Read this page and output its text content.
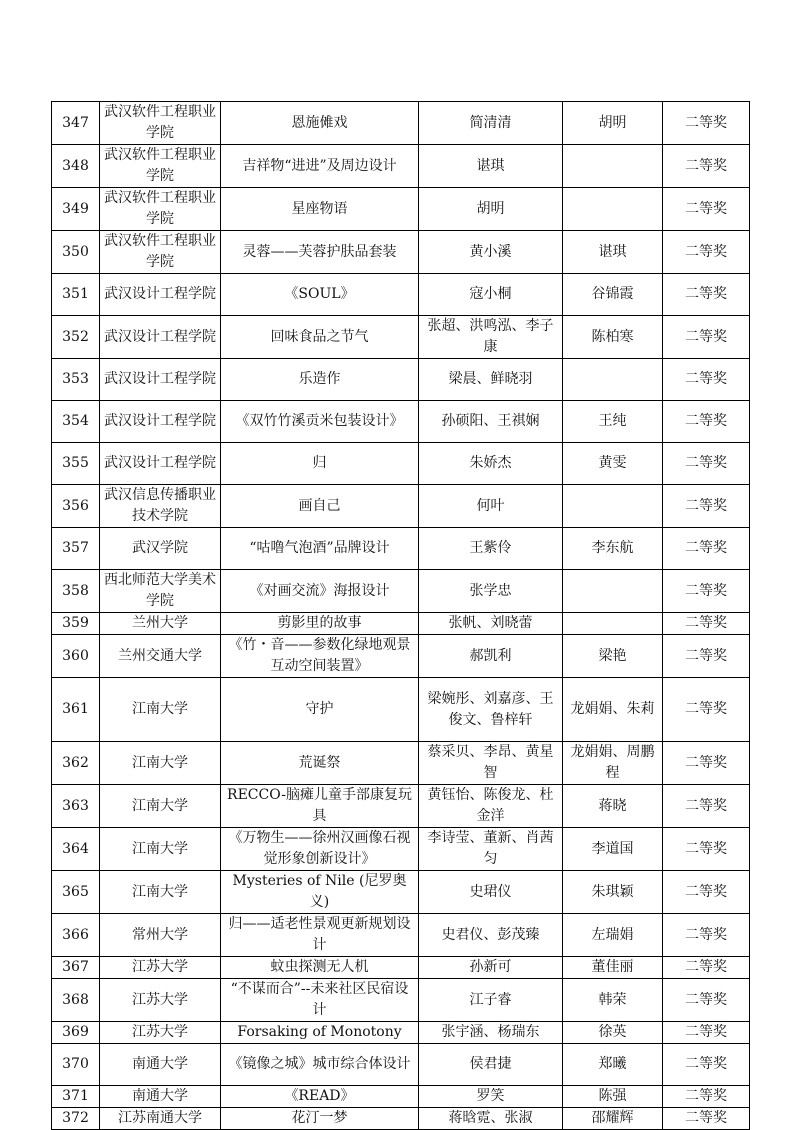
347	武汉软件工程职业学院	恩施傩戏	简清清	胡明	二等奖
348	武汉软件工程职业学院	吉祥物“进进”及周边设计	谌琪		二等奖
349	武汉软件工程职业学院	星座物语	胡明		二等奖
350	武汉软件工程职业学院	灵蓉——芙蓉护肤品套装	黄小溪	谌琪	二等奖
351	武汉设计工程学院	《SOUL》	寇小桐	谷锦霞	二等奖
352	武汉设计工程学院	回味食品之节气	张超、洪鸣泓、李子康	陈柏寒	二等奖
353	武汉设计工程学院	乐造作	梁晨、鲜晓羽		二等奖
354	武汉设计工程学院	《双竹竹溪贡米包装设计》	孙硕阳、王祺娴	王纯	二等奖
355	武汉设计工程学院	归	朱娇杰	黄雯	二等奖
356	武汉信息传播职业技术学院	画自己	何叶		二等奖
357	武汉学院	“咕噜气泡酒”品牌设计	王紫伶	李东航	二等奖
358	西北师范大学美术学院	《对画交流》海报设计	张学忠		二等奖
359	兰州大学	剪影里的故事	张帆、刘晓蕾		二等奖
360	兰州交通大学	《竹・音——参数化绿地观景互动空间装置》	郝凯利	梁艳	二等奖
361	江南大学	守护	梁婉彤、刘嘉彦、王俊文、鲁梓轩	龙娟娟、朱莉	二等奖
362	江南大学	荒诞祭	蔡采贝、李昂、黄星智	龙娟娟、周鹏程	二等奖
363	江南大学	RECCO-脑瘫儿童手部康复玩具	黄钰怡、陈俊龙、杜金洋	蒋晓	二等奖
364	江南大学	《万物生——徐州汉画像石视觉形象创新设计》	李诗莹、董新、肖茜匀	李道国	二等奖
365	江南大学	Mysteries of Nile (尼罗奥义)	史珺仪	朱琪颖	二等奖
366	常州大学	归——适老性景观更新规划设计	史君仪、彭茂臻	左瑞娟	二等奖
367	江苏大学	蚊虫探测无人机	孙新可	董佳丽	二等奖
368	江苏大学	“不谋而合”--未来社区民宿设计	江子睿	韩荣	二等奖
369	江苏大学	Forsaking of Monotony	张宇涵、杨瑞东	徐英	二等奖
370	南通大学	《镜像之城》城市综合体设计	侯君捷	郑曦	二等奖
371	南通大学	《READ》	罗笑	陈强	二等奖
372	江苏南通大学	花汀一梦	蒋晗霓、张淑	邵耀辉	二等奖
